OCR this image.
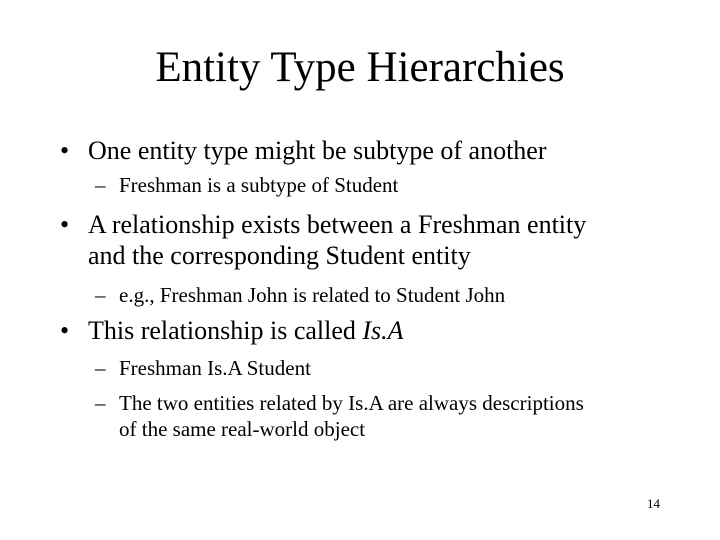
Entity Type Hierarchies
• One entity type might be subtype of another
– Freshman is a subtype of Student
• A relationship exists between a Freshman entity
and the corresponding Student entity
– e.g., Freshman John is related to Student John
• This relationship is called Is.A
– Freshman Is.A Student
– The two entities related by Is.A are always descriptions
of the same real-world object
14
